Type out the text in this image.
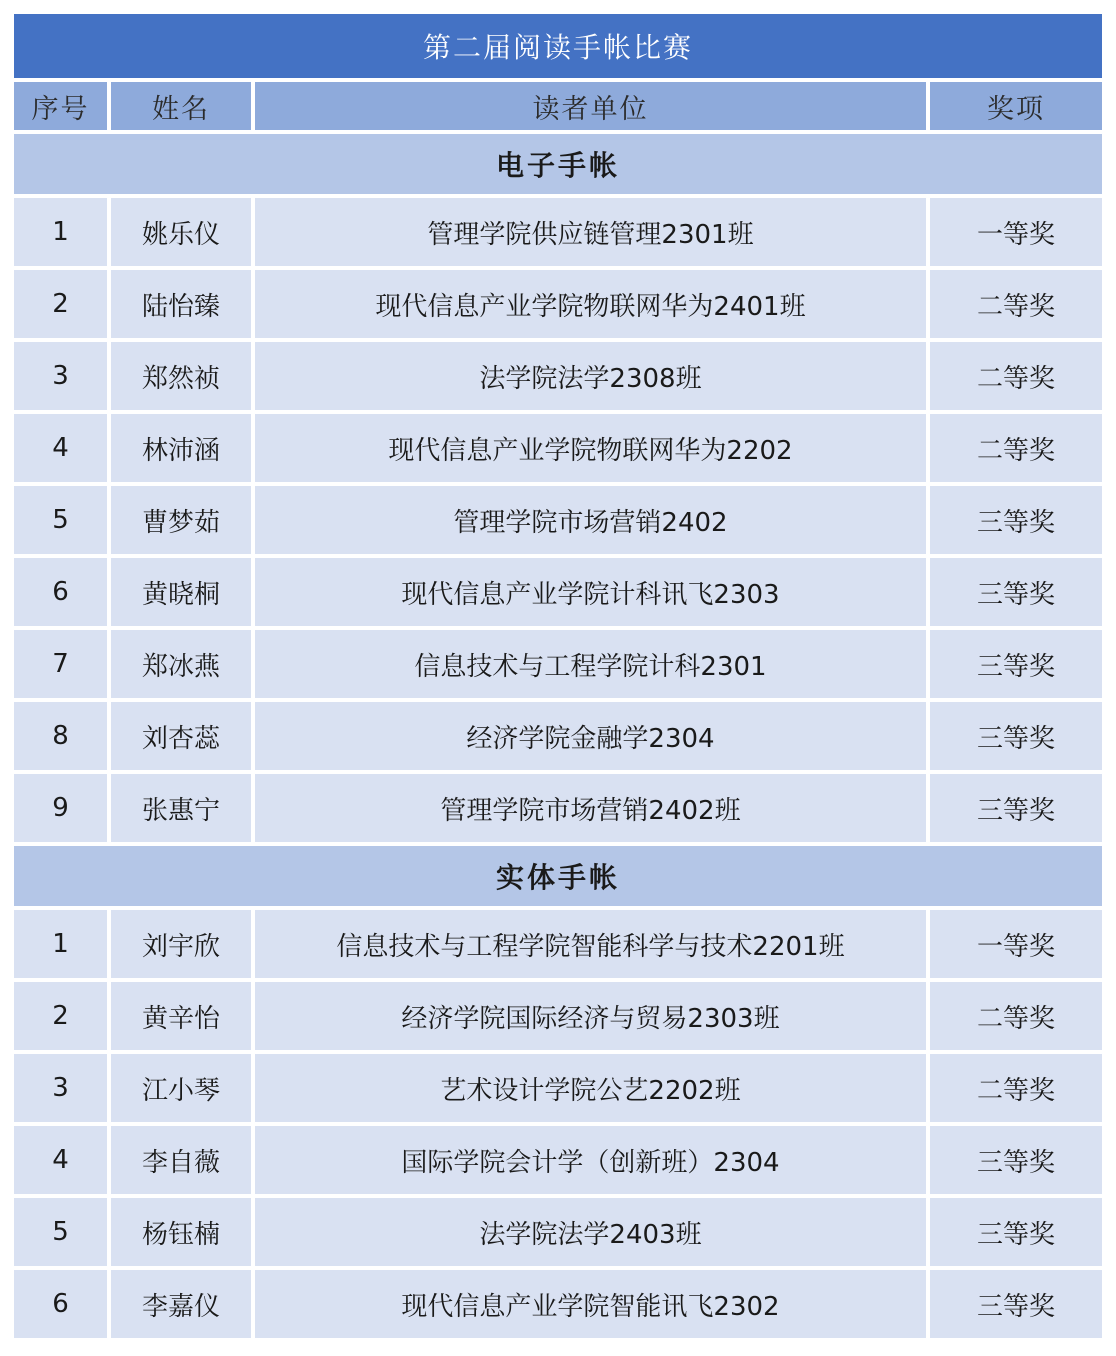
第二届阅读手帐比赛
序号	姓名	读者单位	奖项
电子手帐
1	姚乐仪	管理学院供应链管理2301班	一等奖
2	陆怡臻	现代信息产业学院物联网华为2401班	二等奖
3	郑然祯	法学院法学2308班	二等奖
4	林沛涵	现代信息产业学院物联网华为2202	二等奖
5	曹梦茹	管理学院市场营销2402	三等奖
6	黄晓桐	现代信息产业学院计科讯飞2303	三等奖
7	郑冰燕	信息技术与工程学院计科2301	三等奖
8	刘杏蕊	经济学院金融学2304	三等奖
9	张惠宁	管理学院市场营销2402班	三等奖
实体手帐
1	刘宇欣	信息技术与工程学院智能科学与技术2201班	一等奖
2	黄辛怡	经济学院国际经济与贸易2303班	二等奖
3	江小琴	艺术设计学院公艺2202班	二等奖
4	李自薇	国际学院会计学（创新班）2304	三等奖
5	杨钰楠	法学院法学2403班	三等奖
6	李嘉仪	现代信息产业学院智能讯飞2302	三等奖
